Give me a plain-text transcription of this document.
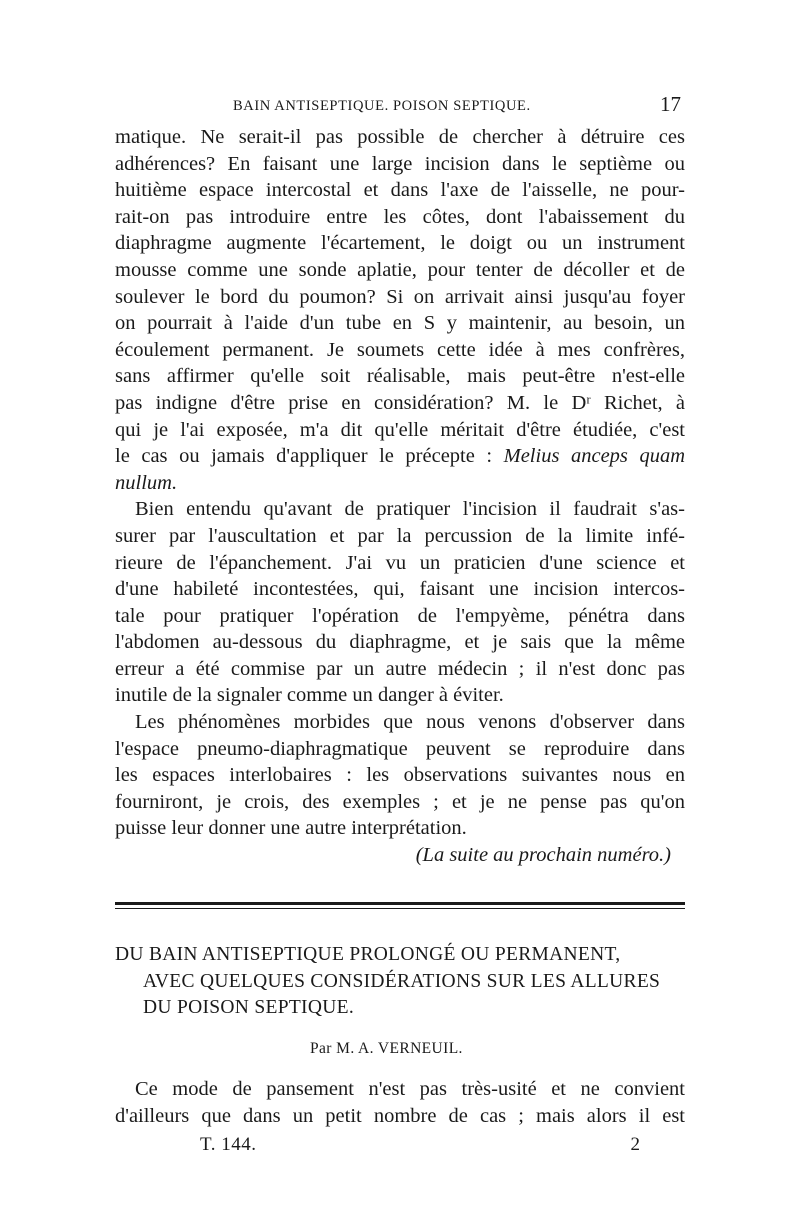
BAIN ANTISEPTIQUE. POISON SEPTIQUE.	17
matique. Ne serait-il pas possible de chercher à détruire ces
adhérences? En faisant une large incision dans le septième ou
huitième espace intercostal et dans l'axe de l'aisselle, ne pour-
rait-on pas introduire entre les côtes, dont l'abaissement du
diaphragme augmente l'écartement, le doigt ou un instrument
mousse comme une sonde aplatie, pour tenter de décoller et de
soulever le bord du poumon? Si on arrivait ainsi jusqu'au foyer
on pourrait à l'aide d'un tube en S y maintenir, au besoin, un
écoulement permanent. Je soumets cette idée à mes confrères,
sans affirmer qu'elle soit réalisable, mais peut-être n'est-elle
pas indigne d'être prise en considération? M. le Dʳ Richet, à
qui je l'ai exposée, m'a dit qu'elle méritait d'être étudiée, c'est
le cas ou jamais d'appliquer le précepte : Melius anceps quam
nullum.
Bien entendu qu'avant de pratiquer l'incision il faudrait s'as-
surer par l'auscultation et par la percussion de la limite infé-
rieure de l'épanchement. J'ai vu un praticien d'une science et
d'une habileté incontestées, qui, faisant une incision intercos-
tale pour pratiquer l'opération de l'empyème, pénétra dans
l'abdomen au-dessous du diaphragme, et je sais que la même
erreur a été commise par un autre médecin ; il n'est donc pas
inutile de la signaler comme un danger à éviter.
Les phénomènes morbides que nous venons d'observer dans
l'espace pneumo-diaphragmatique peuvent se reproduire dans
les espaces interlobaires : les observations suivantes nous en
fourniront, je crois, des exemples ; et je ne pense pas qu'on
puisse leur donner une autre interprétation.
(La suite au prochain numéro.)
DU BAIN ANTISEPTIQUE PROLONGÉ OU PERMANENT,
AVEC QUELQUES CONSIDÉRATIONS SUR LES ALLURES
DU POISON SEPTIQUE.
Par M. A. VERNEUIL.
Ce mode de pansement n'est pas très-usité et ne convient
d'ailleurs que dans un petit nombre de cas ; mais alors il est
T. 144.	2
